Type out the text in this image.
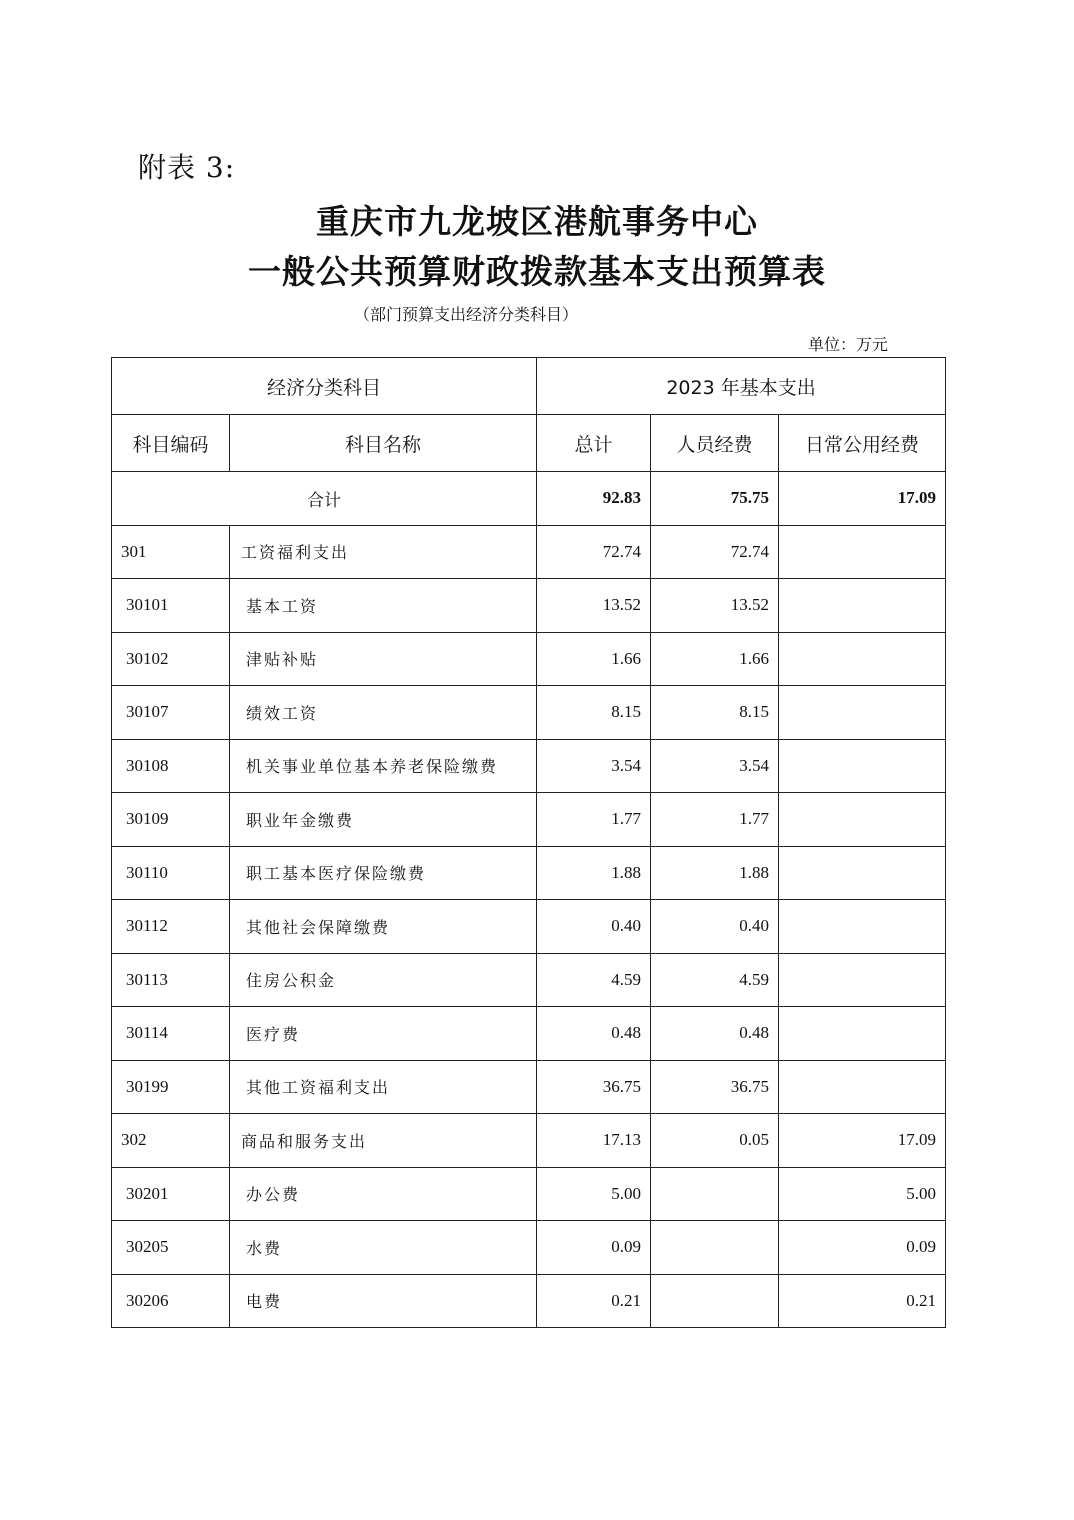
附表 3:
重庆市九龙坡区港航事务中心
一般公共预算财政拨款基本支出预算表
（部门预算支出经济分类科目）
单位：万元
经济分类科目		2023 年基本支出		
科目编码	科目名称	总计	人员经费	日常公用经费
合计		92.83	75.75	17.09
301	工资福利支出	72.74	72.74	
30101	基本工资	13.52	13.52	
30102	津贴补贴	1.66	1.66	
30107	绩效工资	8.15	8.15	
30108	机关事业单位基本养老保险缴费	3.54	3.54	
30109	职业年金缴费	1.77	1.77	
30110	职工基本医疗保险缴费	1.88	1.88	
30112	其他社会保障缴费	0.40	0.40	
30113	住房公积金	4.59	4.59	
30114	医疗费	0.48	0.48	
30199	其他工资福利支出	36.75	36.75	
302	商品和服务支出	17.13	0.05	17.09
30201	办公费	5.00		5.00
30205	水费	0.09		0.09
30206	电费	0.21		0.21
